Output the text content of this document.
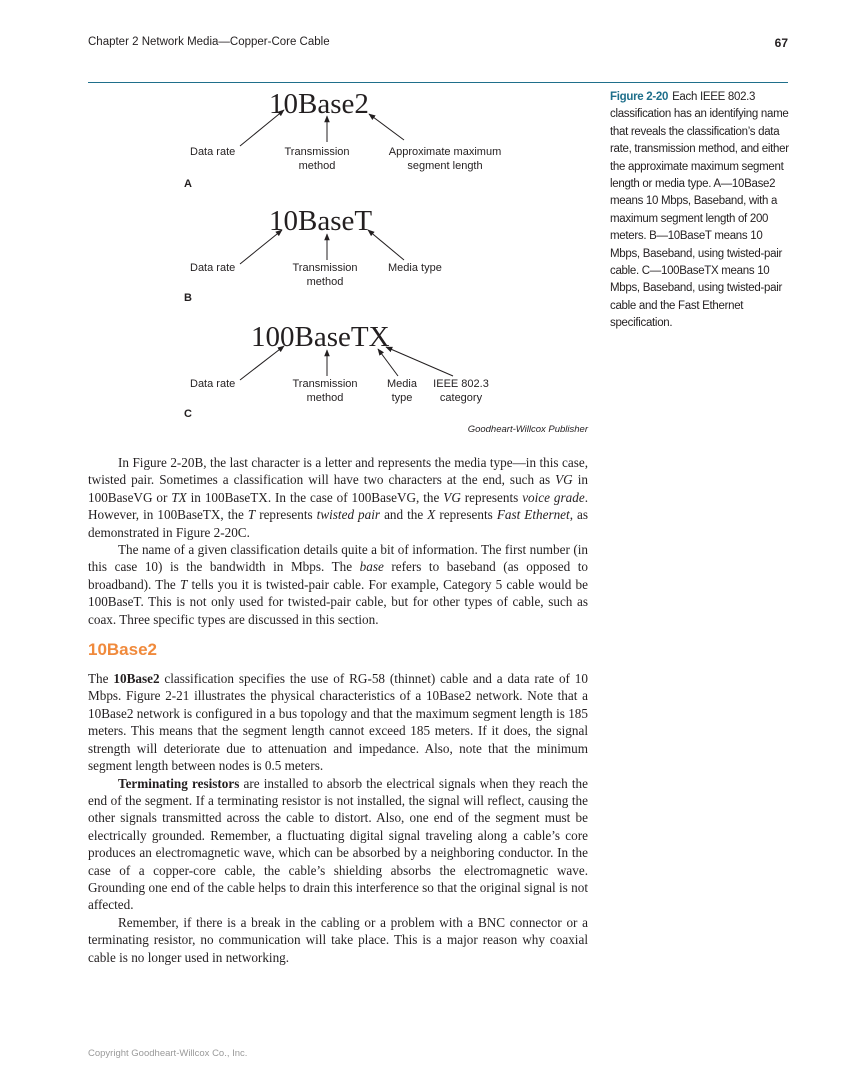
Chapter 2 Network Media—Copper-Core Cable	67
10Base2
Data rate	Transmission
method
Approximate maximum
segment length
A
10BaseT
Data rate	Transmission
method
Media type
B
100BaseTX
Data rate	Transmission
method
Media
type
IEEE 802.3
category
C
Goodheart-Willcox Publisher
Figure 2-20 Each IEEE 802.3 classification has an identifying name that reveals the classification’s data rate, transmission method, and either the approximate maximum segment length or media type. A—10Base2 means 10 Mbps, Baseband, with a maximum segment length of 200 meters. B—10BaseT means 10 Mbps, Baseband, using twisted-pair cable. C—100BaseTX means 10 Mbps, Baseband, using twisted-pair cable and the Fast Ethernet specification.

In Figure 2-20B, the last character is a letter and represents the media type—in this case, twisted pair. Sometimes a classification will have two characters at the end, such as VG in 100BaseVG or TX in 100BaseTX. In the case of 100BaseVG, the VG represents voice grade. However, in 100BaseTX, the T represents twisted pair and the X represents Fast Ethernet, as demonstrated in Figure 2-20C.

The name of a given classification details quite a bit of information. The first number (in this case 10) is the bandwidth in Mbps. The base refers to baseband (as opposed to broadband). The T tells you it is twisted-pair cable. For example, Category 5 cable would be 100BaseT. This is not only used for twisted-pair cable, but for other types of cable, such as coax. Three specific types are discussed in this section.

10Base2

The 10Base2 classification specifies the use of RG-58 (thinnet) cable and a data rate of 10 Mbps. Figure 2-21 illustrates the physical characteristics of a 10Base2 network. Note that a 10Base2 network is configured in a bus topology and that the maximum segment length is 185 meters. This means that the segment length cannot exceed 185 meters. If it does, the signal strength will deteriorate due to attenuation and impedance. Also, note that the minimum segment length between nodes is 0.5 meters.

Terminating resistors are installed to absorb the electrical signals when they reach the end of the segment. If a terminating resistor is not installed, the signal will reflect, causing the other signals transmitted across the cable to distort. Also, one end of the segment must be electrically grounded. Remember, a fluctuating digital signal traveling along a cable’s core produces an electromagnetic wave, which can be absorbed by a neighboring conductor. In the case of a copper-core cable, the cable’s shielding absorbs the electromagnetic wave. Grounding one end of the cable helps to drain this interference so that the original signal is not affected.

Remember, if there is a break in the cabling or a problem with a BNC connector or a terminating resistor, no communication will take place. This is a major reason why coaxial cable is no longer used in networking.

Copyright Goodheart-Willcox Co., Inc.
